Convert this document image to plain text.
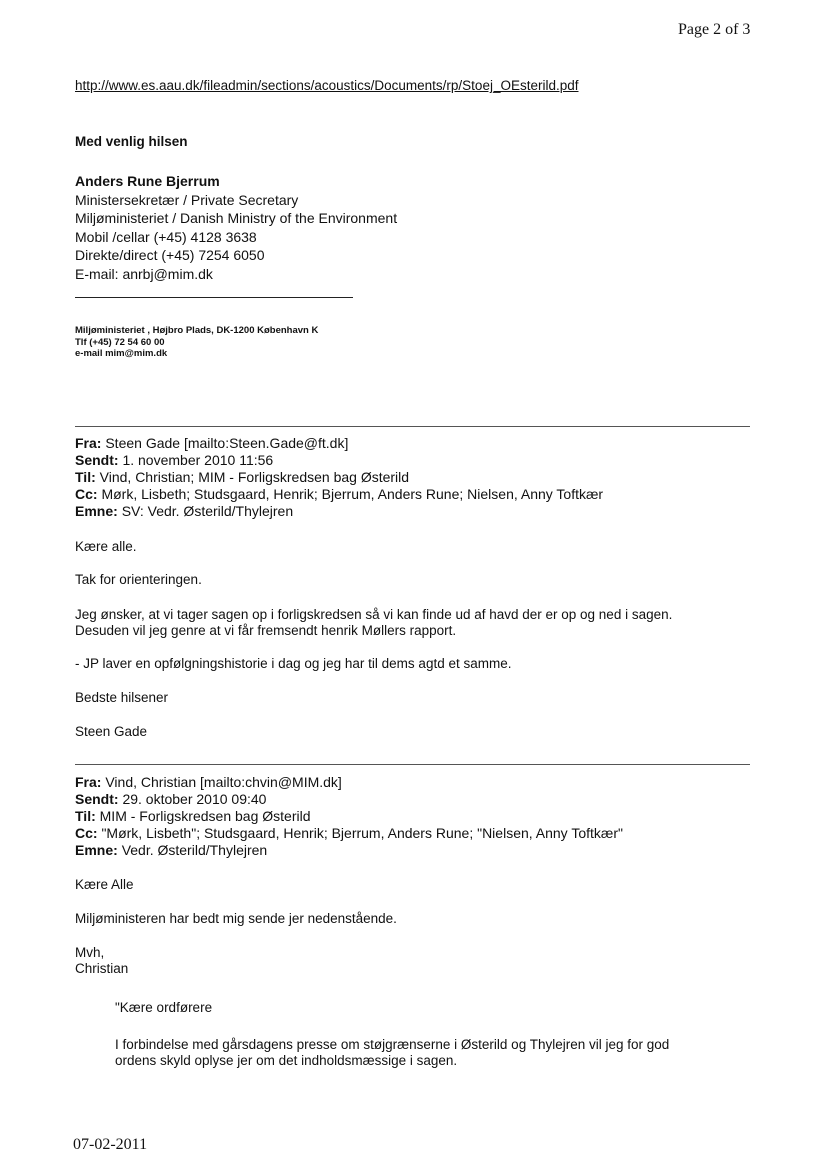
Page 2 of 3
http://www.es.aau.dk/fileadmin/sections/acoustics/Documents/rp/Stoej_OEsterild.pdf
Med venlig hilsen
Anders Rune Bjerrum
Ministersekretær / Private Secretary
Miljøministeriet / Danish Ministry of the Environment
Mobil /cellar (+45) 4128 3638
Direkte/direct (+45) 7254 6050
E-mail: anrbj@mim.dk
Miljøministeriet , Højbro Plads, DK-1200 København K
Tlf (+45) 72 54 60 00
e-mail mim@mim.dk
Fra: Steen Gade [mailto:Steen.Gade@ft.dk]
Sendt: 1. november 2010 11:56
Til: Vind, Christian; MIM - Forligskredsen bag Østerild
Cc: Mørk, Lisbeth; Studsgaard, Henrik; Bjerrum, Anders Rune; Nielsen, Anny Toftkær
Emne: SV: Vedr. Østerild/Thylejren
Kære alle.
Tak for orienteringen.
Jeg ønsker, at vi tager sagen op i forligskredsen så vi kan finde ud af havd der er op og ned i sagen.
Desuden vil jeg genre at vi får fremsendt henrik Møllers rapport.
- JP laver en opfølgningshistorie i dag og jeg har til dems agtd et samme.
Bedste hilsener
Steen Gade
Fra: Vind, Christian [mailto:chvin@MIM.dk]
Sendt: 29. oktober 2010 09:40
Til: MIM - Forligskredsen bag Østerild
Cc: "Mørk, Lisbeth"; Studsgaard, Henrik; Bjerrum, Anders Rune; "Nielsen, Anny Toftkær"
Emne: Vedr. Østerild/Thylejren
Kære Alle
Miljøministeren har bedt mig sende jer nedenstående.
Mvh,
Christian
"Kære ordførere
I forbindelse med gårsdagens presse om støjgrænserne i Østerild og Thylejren vil jeg for god
ordens skyld oplyse jer om det indholdsmæssige i sagen.
07-02-2011
